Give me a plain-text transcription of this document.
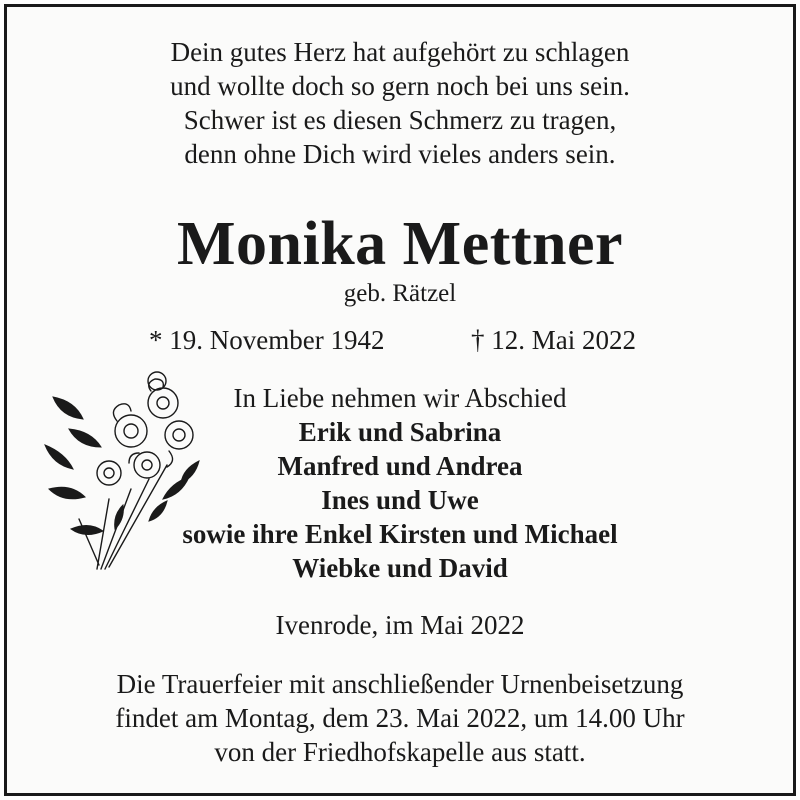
Dein gutes Herz hat aufgehört zu schlagen
und wollte doch so gern noch bei uns sein.
Schwer ist es diesen Schmerz zu tragen,
denn ohne Dich wird vieles anders sein.
Monika Mettner
geb. Rätzel
* 19. November 1942	† 12. Mai 2022
In Liebe nehmen wir Abschied
Erik und Sabrina
Manfred und Andrea
Ines und Uwe
sowie ihre Enkel Kirsten und Michael
Wiebke und David
Ivenrode, im Mai 2022
Die Trauerfeier mit anschließender Urnenbeisetzung
findet am Montag, dem 23. Mai 2022, um 14.00 Uhr
von der Friedhofskapelle aus statt.
